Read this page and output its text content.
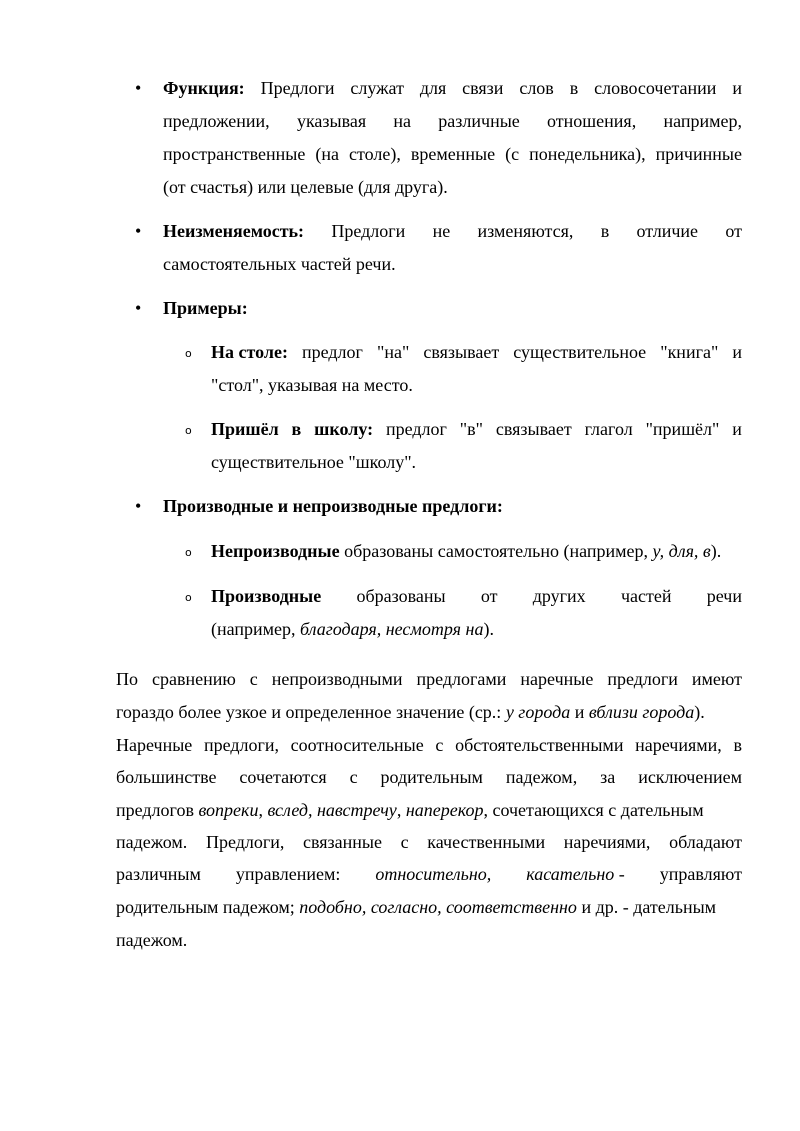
• Функция: Предлоги служат для связи слов в словосочетании и
предложении, указывая на различные отношения, например,
пространственные (на столе), временные (с понедельника), причинные
(от счастья) или целевые (для друга).
• Неизменяемость: Предлоги не изменяются, в отличие от
самостоятельных частей речи.
• Примеры:
o На столе: предлог "на" связывает существительное "книга" и
"стол", указывая на место.
o Пришёл в школу: предлог "в" связывает глагол "пришёл" и
существительное "школу".
• Производные и непроизводные предлоги:
o Непроизводные образованы самостоятельно (например, у, для, в).
o Производные образованы от других частей речи
(например, благодаря, несмотря на).
По сравнению с непроизводными предлогами наречные предлоги имеют
гораздо более узкое и определенное значение (ср.: у города и вблизи города).
Наречные предлоги, соотносительные с обстоятельственными наречиями, в
большинстве сочетаются с родительным падежом, за исключением
предлогов вопреки, вслед, навстречу, наперекор, сочетающихся с дательным
падежом. Предлоги, связанные с качественными наречиями, обладают
различным управлением: относительно, касательно - управляют
родительным падежом; подобно, согласно, соответственно и др. - дательным
падежом.
